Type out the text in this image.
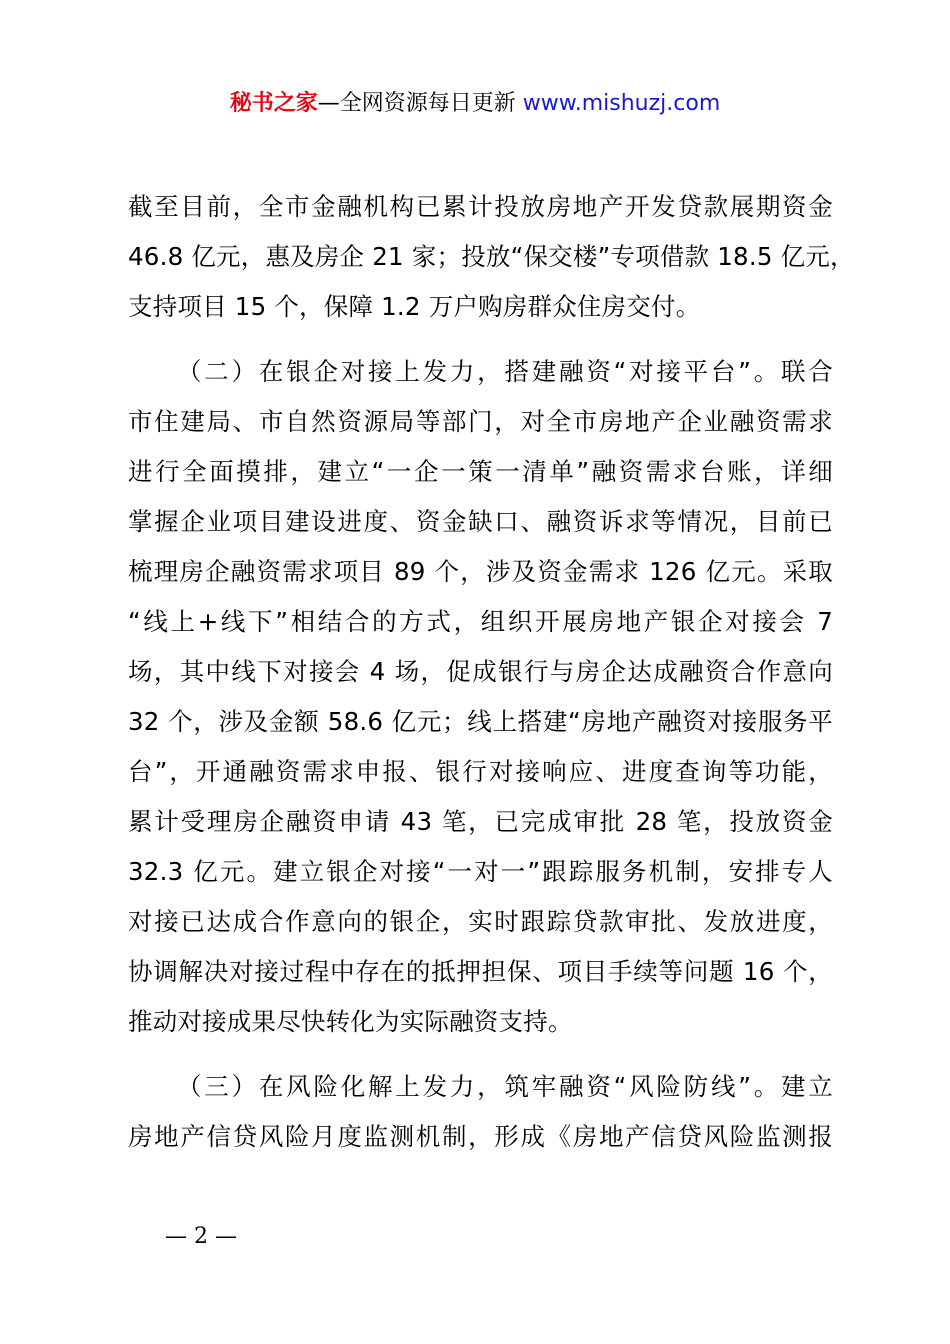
秘书之家—全网资源每日更新 www.mishuzj.com

截至目前，全市金融机构已累计投放房地产开发贷款展期资金
46.8 亿元，惠及房企 21 家；投放“保交楼”专项借款 18.5 亿元，
支持项目 15 个，保障 1.2 万户购房群众住房交付。

（二）在银企对接上发力，搭建融资“对接平台”。联合
市住建局、市自然资源局等部门，对全市房地产企业融资需求
进行全面摸排，建立“一企一策一清单”融资需求台账，详细
掌握企业项目建设进度、资金缺口、融资诉求等情况，目前已
梳理房企融资需求项目 89 个，涉及资金需求 126 亿元。采取
“线上+线下”相结合的方式，组织开展房地产银企对接会 7
场，其中线下对接会 4 场，促成银行与房企达成融资合作意向
32 个，涉及金额 58.6 亿元；线上搭建“房地产融资对接服务平
台”，开通融资需求申报、银行对接响应、进度查询等功能，
累计受理房企融资申请 43 笔，已完成审批 28 笔，投放资金
32.3 亿元。建立银企对接“一对一”跟踪服务机制，安排专人
对接已达成合作意向的银企，实时跟踪贷款审批、发放进度，
协调解决对接过程中存在的抵押担保、项目手续等问题 16 个，
推动对接成果尽快转化为实际融资支持。

（三）在风险化解上发力，筑牢融资“风险防线”。建立
房地产信贷风险月度监测机制，形成《房地产信贷风险监测报

— 2 —
